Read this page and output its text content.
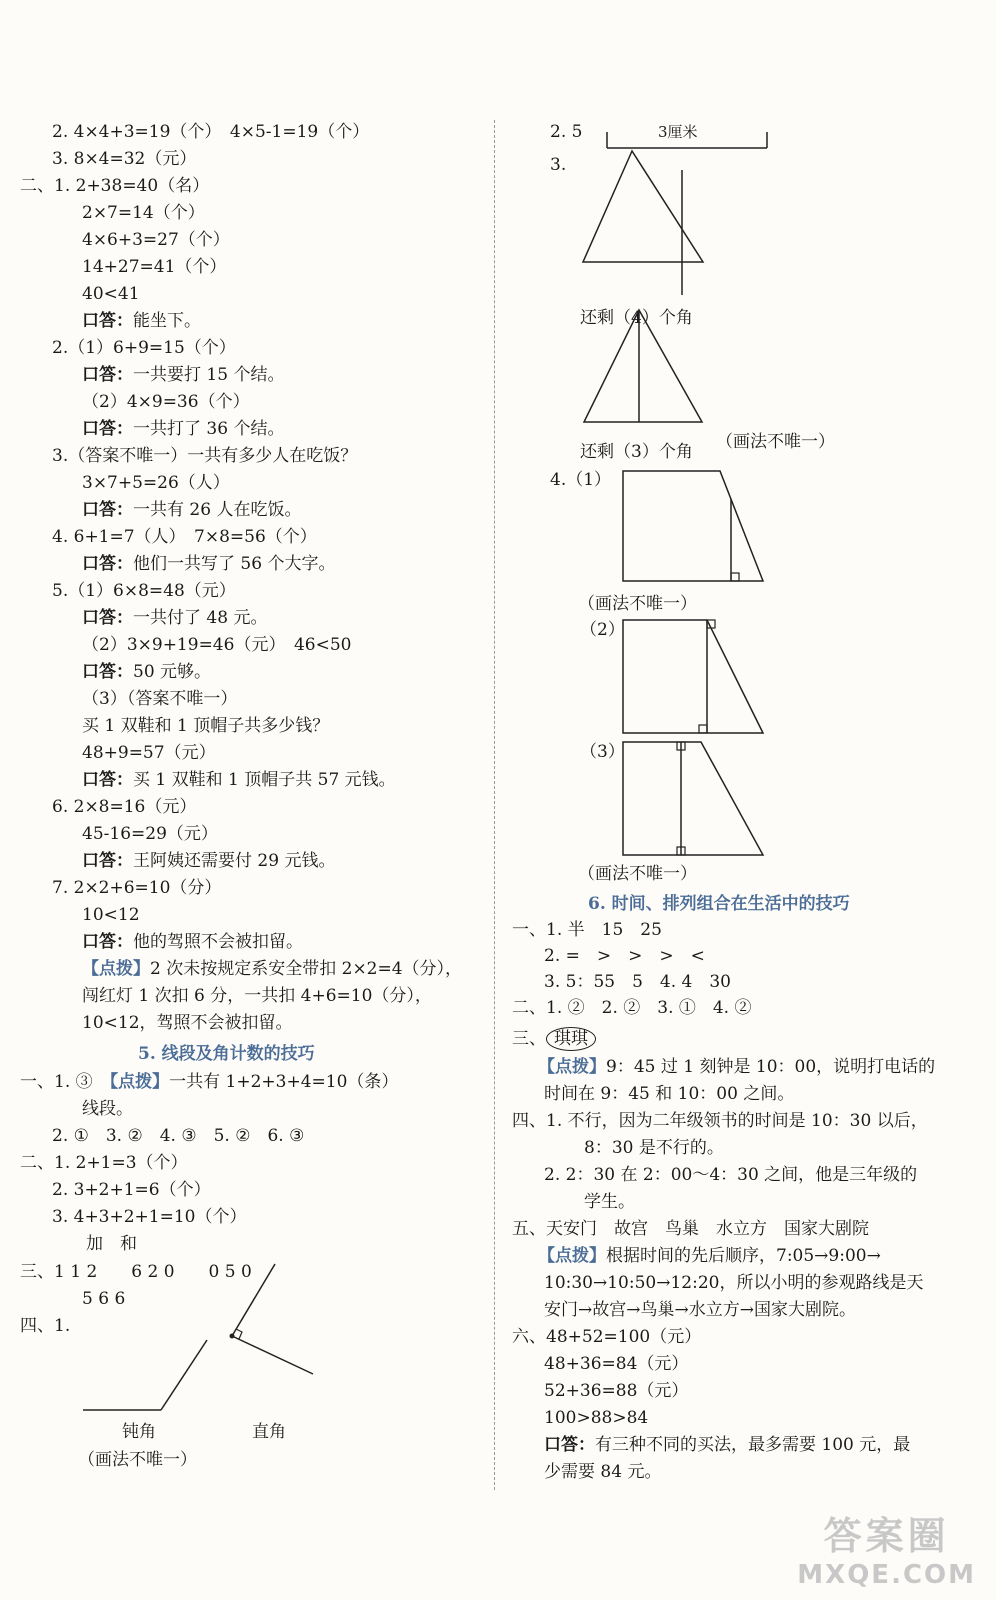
2. 4×4+3=19（个）　4×5-1=19（个）
3. 8×4=32（元）
二、1. 2+38=40（名）
2×7=14（个）
4×6+3=27（个）
14+27=41（个）
40<41
口答：能坐下。
2.（1）6+9=15（个）
口答：一共要打 15 个结。
（2）4×9=36（个）
口答：一共打了 36 个结。
3.（答案不唯一）一共有多少人在吃饭？
3×7+5=26（人）
口答：一共有 26 人在吃饭。
4. 6+1=7（人）　7×8=56（个）
口答：他们一共写了 56 个大字。
5.（1）6×8=48（元）
口答：一共付了 48 元。
（2）3×9+19=46（元）　46<50
口答：50 元够。
（3）（答案不唯一）
买 1 双鞋和 1 顶帽子共多少钱？
48+9=57（元）
口答：买 1 双鞋和 1 顶帽子共 57 元钱。
6. 2×8=16（元）
45-16=29（元）
口答：王阿姨还需要付 29 元钱。
7. 2×2+6=10（分）
10<12
口答：他的驾照不会被扣留。
【点拨】2 次未按规定系安全带扣 2×2=4（分），
闯红灯 1 次扣 6 分，一共扣 4+6=10（分），
10<12，驾照不会被扣留。
5. 线段及角计数的技巧
一、1. ③　【点拨】一共有 1+2+3+4=10（条）
线段。
2. ①　3. ②　4. ③　5. ②　6. ③
二、1. 2+1=3（个）
2. 3+2+1=6（个）
3. 4+3+2+1=10（个）
加　和
三、1 1 2　　6 2 0　　0 5 0
5 6 6
四、1.
钝角	直角
（画法不唯一）
2. 5	3厘米
3.
还剩（4）个角
还剩（3）个角 （画法不唯一）
4.（1）
（画法不唯一）
（2）
（3）
（画法不唯一）
6. 时间、排列组合在生活中的技巧
一、1. 半　15　25
2. =　>　>　>　<
3. 5：55　5　4. 4　30
二、1. ②　2. ②　3. ①　4. ②
三、 琪琪
【点拨】9：45 过 1 刻钟是 10：00，说明打电话的
时间在 9：45 和 10：00 之间。
四、1. 不行，因为二年级领书的时间是 10：30 以后，
8：30 是不行的。
2. 2：30 在 2：00～4：30 之间，他是三年级的
学生。
五、天安门　故宫　鸟巢　水立方　国家大剧院
【点拨】根据时间的先后顺序，7:05→9:00→
10:30→10:50→12:20，所以小明的参观路线是天
安门→故宫→鸟巢→水立方→国家大剧院。
六、48+52=100（元）
48+36=84（元）
52+36=88（元）
100>88>84
口答：有三种不同的买法，最多需要 100 元，最
少需要 84 元。
答案圈
MXQE.COM
